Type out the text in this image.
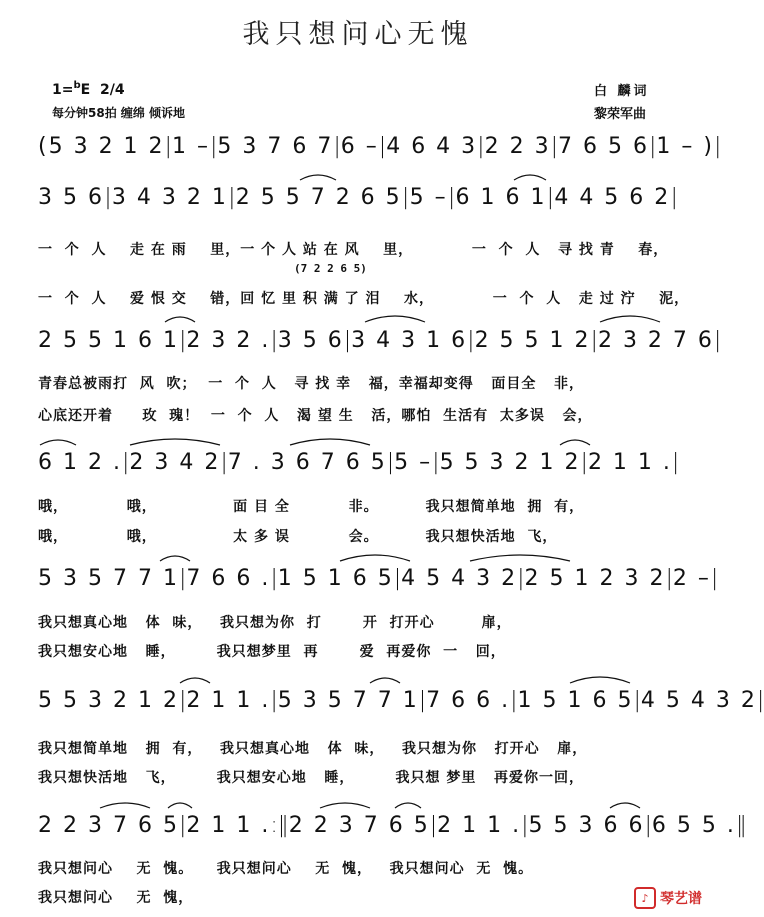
我只想问心无愧
1=$^b$E 2/4
每分钟58拍 缠绵 倾诉地
白 麟词
黎荣军曲
(5 3 2 1 2 | 1 – | 5 3 7 6 7 | 6 – | 4 6 4 3 | 2 2 3 | 7 6 5 6 | 1 – ) |
3 5 6 | 3 4 3 2 1 | 2 5 5 7 2 6 5 | 5 – | 6 1 6 1 | 4 4 5 6 2 |
一  个  人    走 在 雨    里，一 个 人 站 在 风    里，          一  个  人   寻 找 青    春，
(7 2 2 6 5)
一  个  人    爱 恨 交    错，回 忆 里 积 满 了 泪    水，          一  个  人   走 过 泞    泥，
2 5 5 1 6 1 | 2 3 2 . | 3 5 6 | 3 4 3 1 6 | 2 5 5 1 2 | 2 3 2 7 6 |
青春总被雨打  风  吹；  一  个  人   寻 找 幸   福，幸福却变得   面目全   非，
心底还开着     玫  瑰！  一  个  人   渴 望 生   活，哪怕  生活有  太多误   会，
6 1 2 . | 2 3 4 2 | 7 . 3 6 7 6 5 | 5 – | 5 5 3 2 1 2 | 2 1 1 . |
哦，          哦，             面 目 全          非。        我只想简单地  拥  有，
哦，          哦，             太 多 误          会。        我只想快活地  飞，
5 3 5 7 7 1 | 7 6 6 . | 1 5 1 6 5 | 4 5 4 3 2 | 2 5 1 2 3 2 | 2 – |
我只想真心地   体  味，   我只想为你  打       开  打开心        扉，
我只想安心地   睡，       我只想梦里  再       爱  再爱你  一   回，
5 5 3 2 1 2 | 2 1 1 . | 5 3 5 7 7 1 | 7 6 6 . | 1 5 1 6 5 | 4 5 4 3 2 |
我只想简单地   拥  有，   我只想真心地   体  味，   我只想为你   打开心   扉，
我只想快活地   飞，       我只想安心地   睡，       我只想 梦里   再爱你一回，
2 2 3 7 6 5 | 2 1 1 . :‖ 2 2 3 7 6 5 | 2 1 1 . | 5 5 3 6 6 | 6 5 5 . ‖
我只想问心    无  愧。    我只想问心    无  愧，   我只想问心  无  愧。
我只想问心    无  愧，	♪ 琴艺谱
